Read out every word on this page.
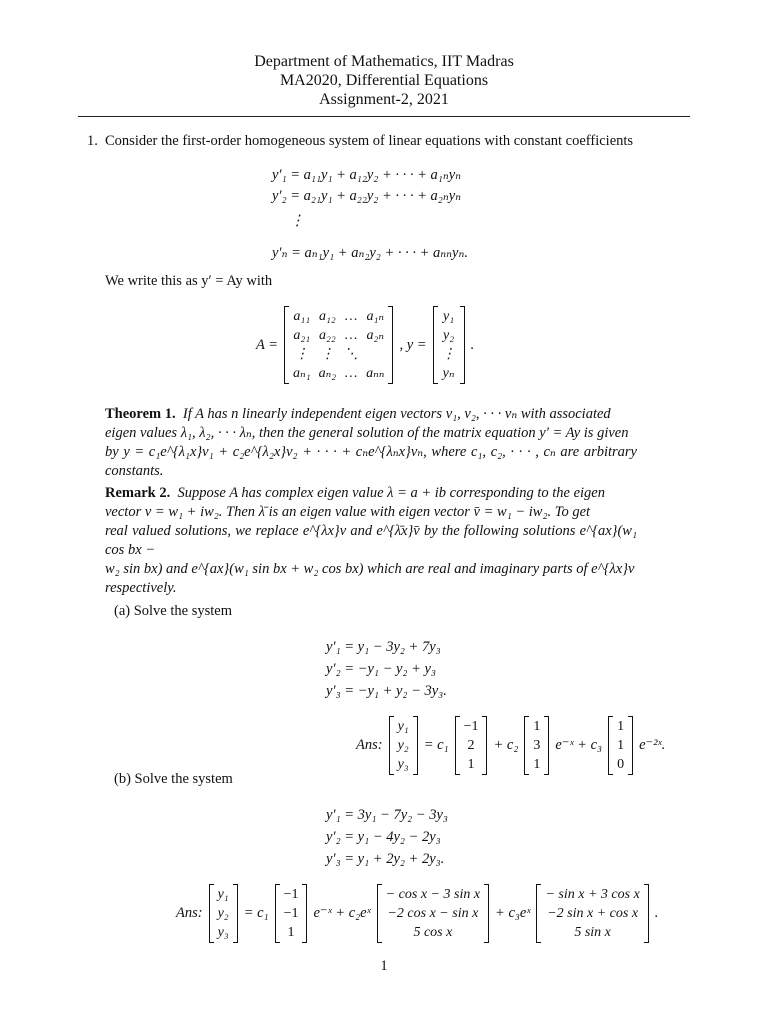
Department of Mathematics, IIT Madras
MA2020, Differential Equations
Assignment-2, 2021
1. Consider the first-order homogeneous system of linear equations with constant coefficients
y′₁ = a₁₁y₁ + a₁₂y₂ + · · · + a₁ₙyₙ
y′₂ = a₂₁y₁ + a₂₂y₂ + · · · + a₂ₙyₙ
⋮
y′ₙ = aₙ₁y₁ + aₙ₂y₂ + · · · + aₙₙyₙ.
We write this as y′ = Ay with
A =
a₁₁	a₁₂	…	a₁ₙ
a₂₁	a₂₂	…	a₂ₙ
⋮	⋮	⋱	
aₙ₁	aₙ₂	…	aₙₙ
, y =
y₁
y₂
⋮
yₙ
.
Theorem 1. If A has n linearly independent eigen vectors v₁, v₂, · · · vₙ with associated
eigen values λ₁, λ₂, · · · λₙ, then the general solution of the matrix equation y′ = Ay is given
by y = c₁e^{λ₁x}v₁ + c₂e^{λ₂x}v₂ + · · · + cₙe^{λₙx}vₙ, where c₁, c₂, · · · , cₙ are arbitrary constants.
Remark 2. Suppose A has complex eigen value λ = a + ib corresponding to the eigen
vector v = w₁ + iw₂. Then λ̄ is an eigen value with eigen vector v̄ = w₁ − iw₂. To get
real valued solutions, we replace e^{λx}v and e^{λ̄x}v̄ by the following solutions e^{ax}(w₁ cos bx −
w₂ sin bx) and e^{ax}(w₁ sin bx + w₂ cos bx) which are real and imaginary parts of e^{λx}v
respectively.
(a) Solve the system
y′₁ = y₁ − 3y₂ + 7y₃
y′₂ = −y₁ − y₂ + y₃
y′₃ = −y₁ + y₂ − 3y₃.
Ans:
y₁
y₂
y₃
= c₁
−1
2
1
+ c₂
1
3
1
e⁻ˣ + c₃
1
1
0
e⁻²ˣ.
(b) Solve the system
y′₁ = 3y₁ − 7y₂ − 3y₃
y′₂ = y₁ − 4y₂ − 2y₃
y′₃ = y₁ + 2y₂ + 2y₃.
Ans:
y₁
y₂
y₃
= c₁
−1
−1
1
e⁻ˣ + c₂eˣ
− cos x − 3 sin x
−2 cos x − sin x
5 cos x
+ c₃eˣ
− sin x + 3 cos x
−2 sin x + cos x
5 sin x
.
1
